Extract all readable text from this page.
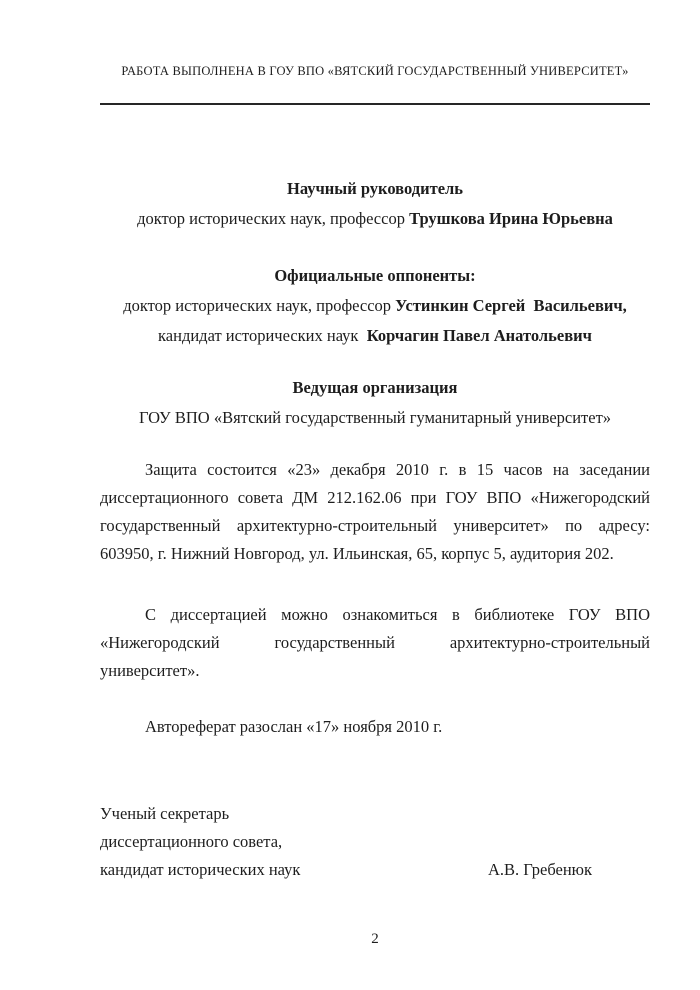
РАБОТА ВЫПОЛНЕНА В ГОУ ВПО «ВЯТСКИЙ ГОСУДАРСТВЕННЫЙ УНИВЕРСИТЕТ»
Научный руководитель
доктор исторических наук, профессор Трушкова Ирина Юрьевна
Официальные оппоненты:
доктор исторических наук, профессор Устинкин Сергей  Васильевич,
кандидат исторических наук  Корчагин Павел Анатольевич
Ведущая организация
ГОУ ВПО «Вятский государственный гуманитарный университет»
Защита состоится «23» декабря 2010 г. в 15 часов на заседании диссертационного совета ДМ 212.162.06 при ГОУ ВПО «Нижегородский государственный архитектурно-строительный университет» по адресу: 603950, г. Нижний Новгород, ул. Ильинская, 65, корпус 5, аудитория 202.
С диссертацией можно ознакомиться в библиотеке ГОУ ВПО «Нижегородский государственный архитектурно-строительный университет».
Автореферат разослан «17» ноября 2010 г.
Ученый секретарь
диссертационного совета,
кандидат исторических наук	А.В. Гребенюк
2
